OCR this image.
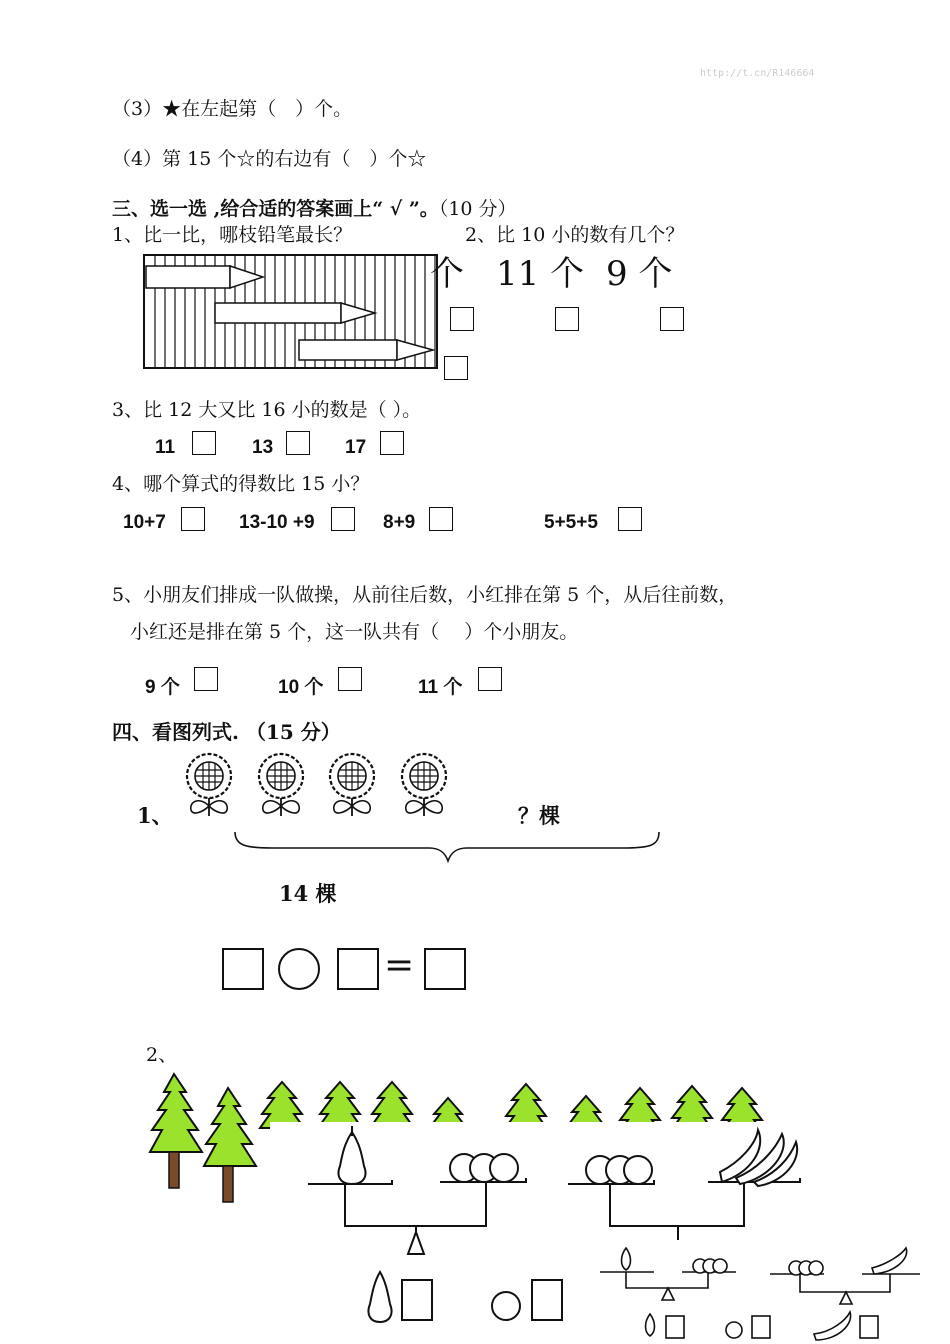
http://t.cn/R146664
（3）★在左起第（　）个。
（4）第 15 个☆的右边有（　）个☆
三、选一选 ,给合适的答案画上“ √ ”。（10 分）
1、比一比，哪枝铅笔最长？	2、比 10 小的数有几个？
个 11 个 9 个
3、比 12 大又比 16 小的数是（ ）。
11	13	17
4、哪个算式的得数比 15 小？
10+7	13-10 +9	8+9	5+5+5
5、小朋友们排成一队做操，从前往后数，小红排在第 5 个，从后往前数，
小红还是排在第 5 个，这一队共有（　 ）个小朋友。
9 个	10 个	11 个
四、看图列式. （15 分）
1、	？棵
14 棵
=
2、
